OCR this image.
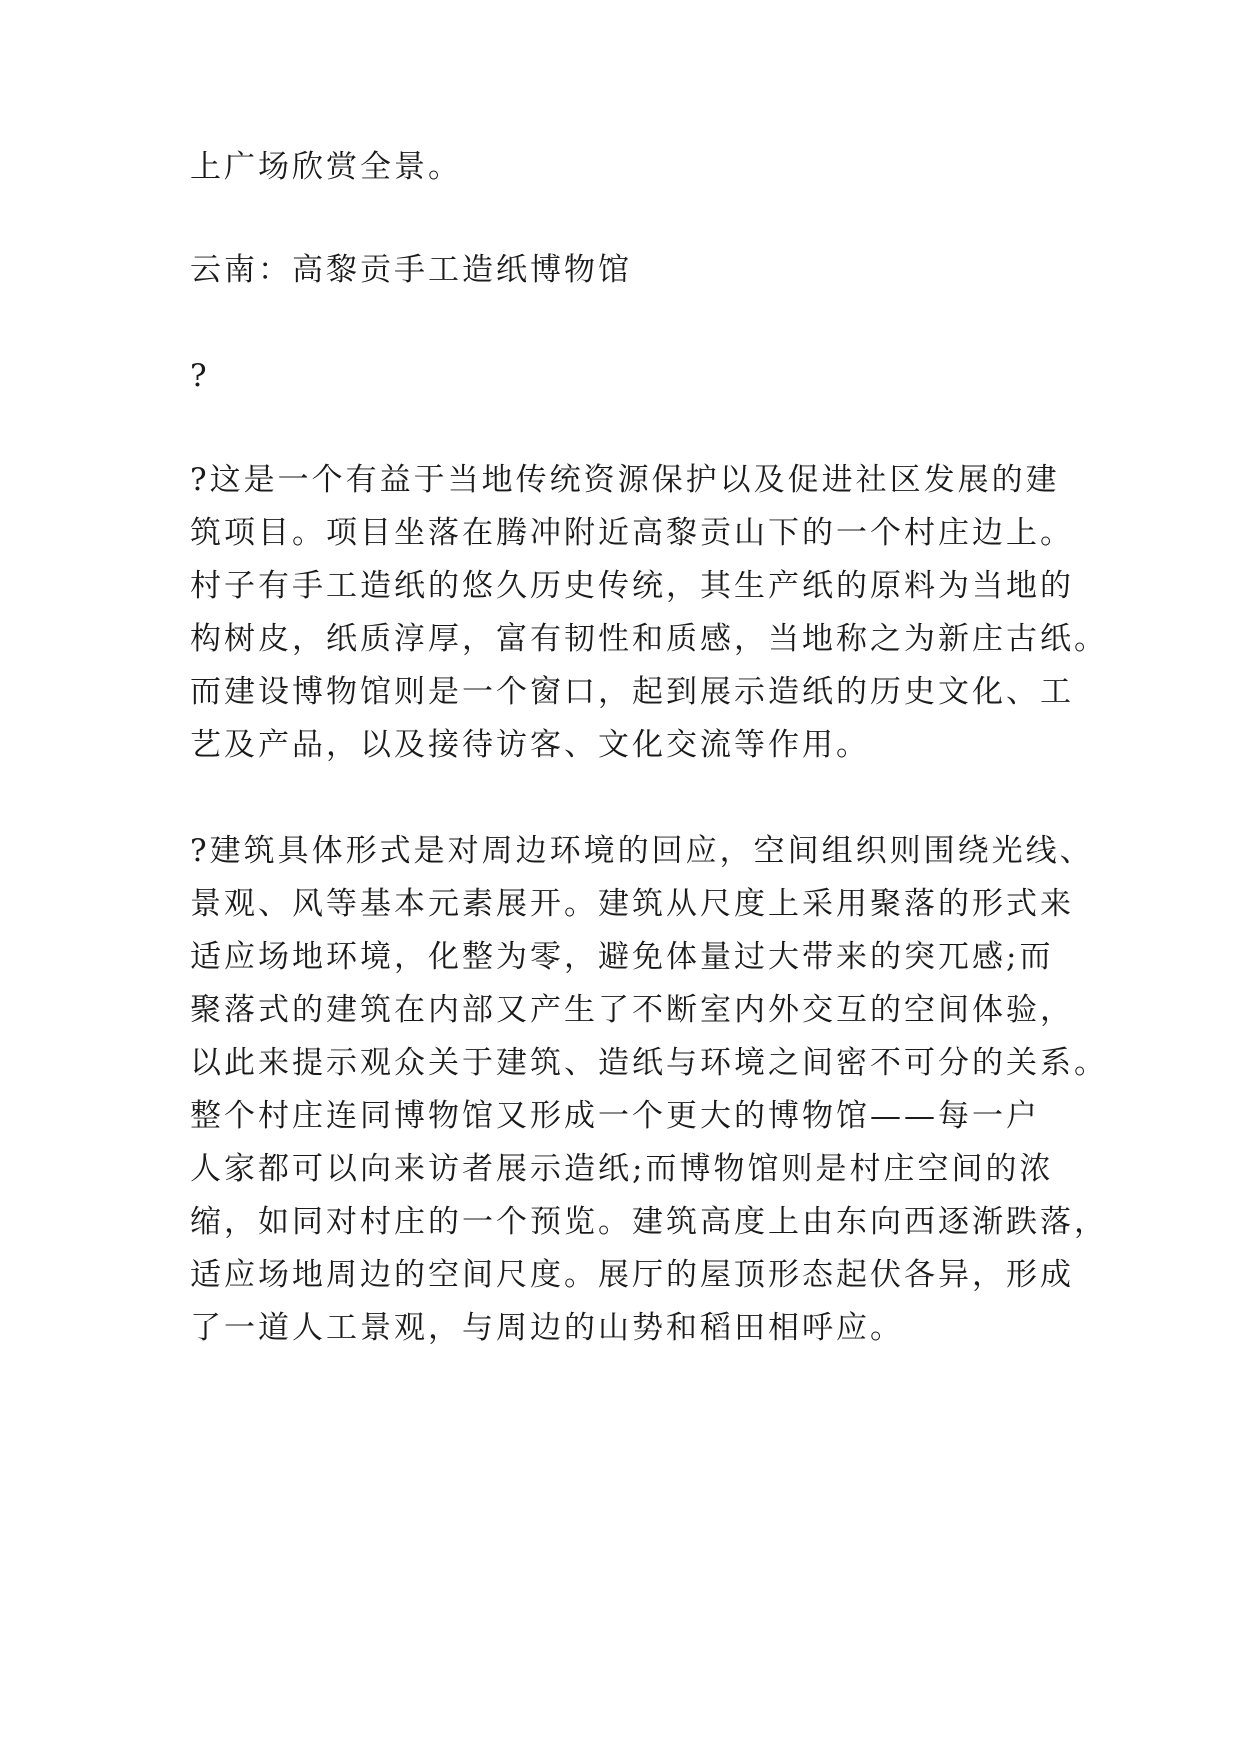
上广场欣赏全景。
云南：高黎贡手工造纸博物馆
?
?这是一个有益于当地传统资源保护以及促进社区发展的建
筑项目。项目坐落在腾冲附近高黎贡山下的一个村庄边上。
村子有手工造纸的悠久历史传统，其生产纸的原料为当地的
构树皮，纸质淳厚，富有韧性和质感，当地称之为新庄古纸。
而建设博物馆则是一个窗口，起到展示造纸的历史文化、工
艺及产品，以及接待访客、文化交流等作用。
?建筑具体形式是对周边环境的回应，空间组织则围绕光线、
景观、风等基本元素展开。建筑从尺度上采用聚落的形式来
适应场地环境，化整为零，避免体量过大带来的突兀感;而
聚落式的建筑在内部又产生了不断室内外交互的空间体验，
以此来提示观众关于建筑、造纸与环境之间密不可分的关系。
整个村庄连同博物馆又形成一个更大的博物馆——每一户
人家都可以向来访者展示造纸;而博物馆则是村庄空间的浓
缩，如同对村庄的一个预览。建筑高度上由东向西逐渐跌落，
适应场地周边的空间尺度。展厅的屋顶形态起伏各异，形成
了一道人工景观，与周边的山势和稻田相呼应。
